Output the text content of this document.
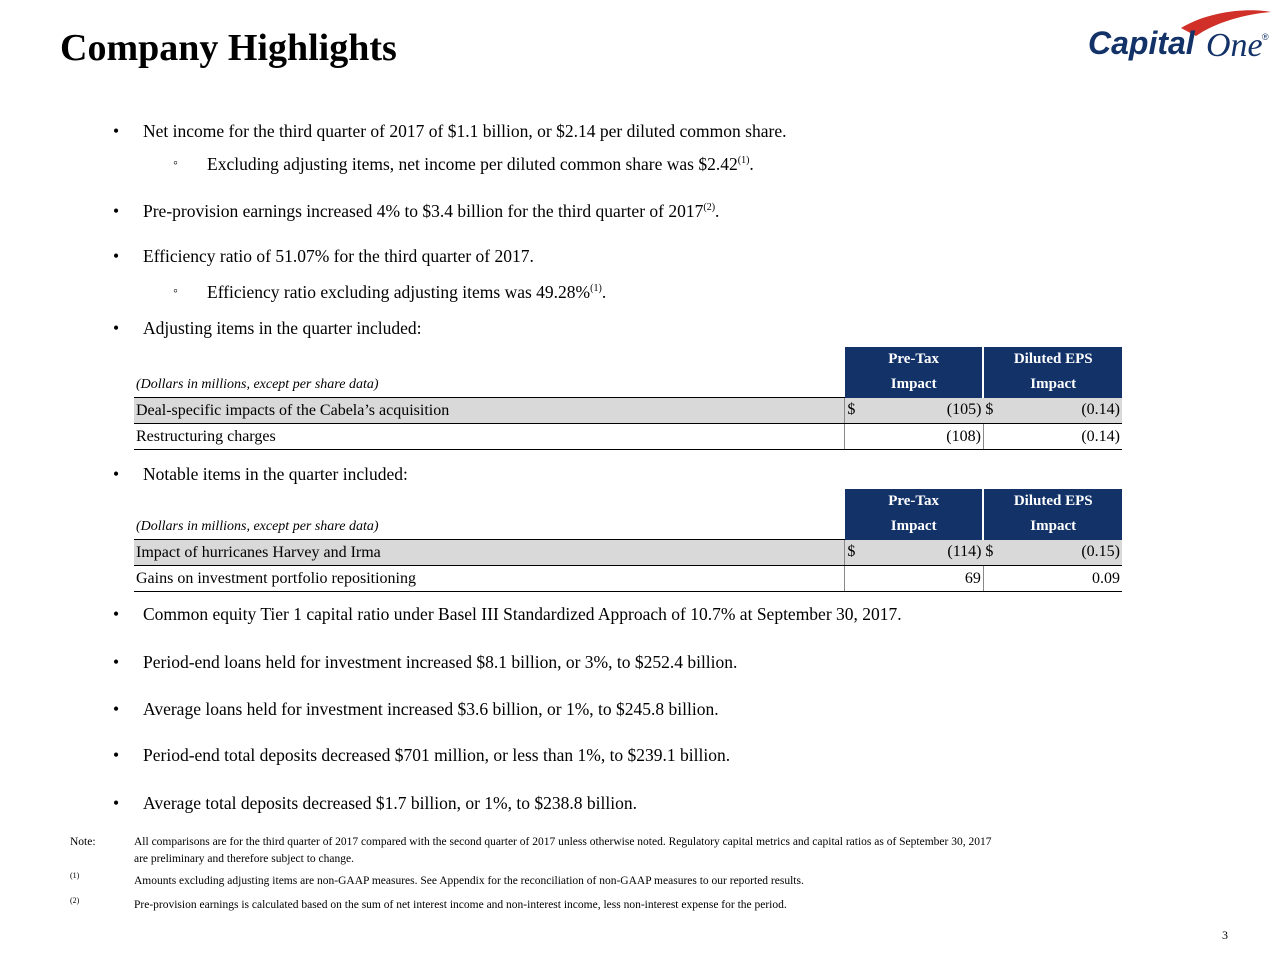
Company Highlights	Capital One ®
• Net income for the third quarter of 2017 of $1.1 billion, or $2.14 per diluted common share.
◦ Excluding adjusting items, net income per diluted common share was $2.42$^{(1)}$.
• Pre-provision earnings increased 4% to $3.4 billion for the third quarter of 2017$^{(2)}$.
• Efficiency ratio of 51.07% for the third quarter of 2017.
◦ Efficiency ratio excluding adjusting items was 49.28%$^{(1)}$.
• Adjusting items in the quarter included:
	Pre-Tax		Diluted EPS	
(Dollars in millions, except per share data)	Impact		Impact	
Deal-specific impacts of the Cabela’s acquisition	$	(105)	$	(0.14)
Restructuring charges		(108)		(0.14)
• Notable items in the quarter included:
	Pre-Tax		Diluted EPS	
(Dollars in millions, except per share data)	Impact		Impact	
Impact of hurricanes Harvey and Irma	$	(114)	$	(0.15)
Gains on investment portfolio repositioning		69		0.09
• Common equity Tier 1 capital ratio under Basel III Standardized Approach of 10.7% at September 30, 2017.
• Period-end loans held for investment increased $8.1 billion, or 3%, to $252.4 billion.
• Average loans held for investment increased $3.6 billion, or 1%, to $245.8 billion.
• Period-end total deposits decreased $701 million, or less than 1%, to $239.1 billion.
• Average total deposits decreased $1.7 billion, or 1%, to $238.8 billion.
Note:	All comparisons are for the third quarter of 2017 compared with the second quarter of 2017 unless otherwise noted. Regulatory capital metrics and capital ratios as of September 30, 2017
are preliminary and therefore subject to change.
(1)	Amounts excluding adjusting items are non-GAAP measures. See Appendix for the reconciliation of non-GAAP measures to our reported results.
(2)	Pre-provision earnings is calculated based on the sum of net interest income and non-interest income, less non-interest expense for the period.
3
